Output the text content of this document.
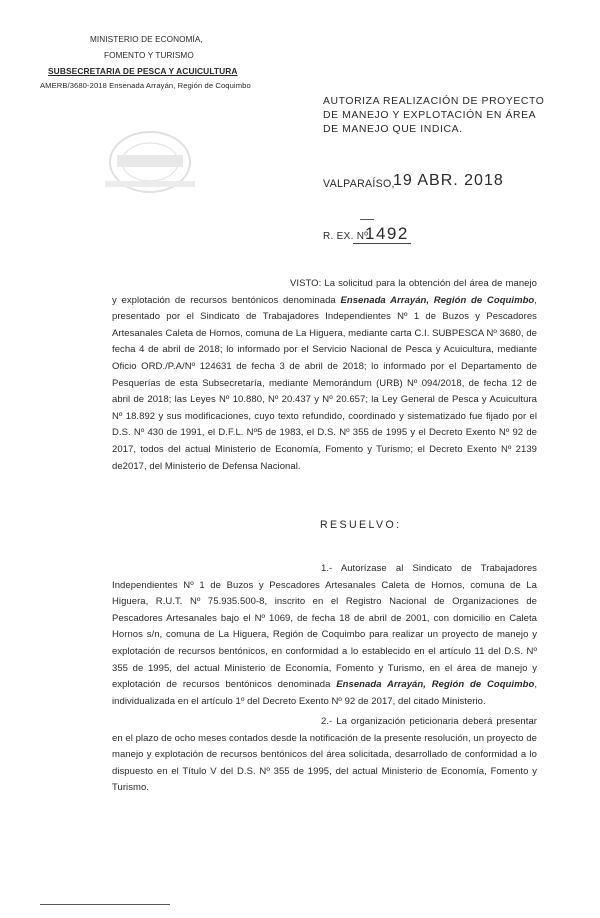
MINISTERIO DE ECONOMÍA,
FOMENTO Y TURISMO
SUBSECRETARIA DE PESCA Y ACUICULTURA
AMERB/3680-2018 Ensenada Arrayán, Región de Coquimbo
AUTORIZA REALIZACIÓN DE PROYECTO DE MANEJO Y EXPLOTACIÓN EN ÁREA DE MANEJO QUE INDICA.
VALPARAÍSO,
19 ABR. 2018
R. EX. Nº
1492
VISTO: La solicitud para la obtención del área de manejo y explotación de recursos bentónicos denominada Ensenada Arrayán, Región de Coquimbo, presentado por el Sindicato de Trabajadores Independientes Nº 1 de Buzos y Pescadores Artesanales Caleta de Hornos, comuna de La Higuera, mediante carta C.I. SUBPESCA Nº 3680, de fecha 4 de abril de 2018; lo informado por el Servicio Nacional de Pesca y Acuicultura, mediante Oficio ORD./P.A/Nº 124631 de fecha 3 de abril de 2018; lo informado por el Departamento de Pesquerías de esta Subsecretaría, mediante Memorándum (URB) Nº 094/2018, de fecha 12 de abril de 2018; las Leyes Nº 10.880, Nº 20.437 y Nº 20.657; la Ley General de Pesca y Acuicultura Nº 18.892 y sus modificaciones, cuyo texto refundido, coordinado y sistematizado fue fijado por el D.S. Nº 430 de 1991, el D.F.L. Nº5 de 1983, el D.S. Nº 355 de 1995 y el Decreto Exento Nº 92 de 2017, todos del actual Ministerio de Economía, Fomento y Turismo; el Decreto Exento Nº 2139 de2017, del Ministerio de Defensa Nacional.
RESUELVO:
1.- Autorízase al Sindicato de Trabajadores Independientes Nº 1 de Buzos y Pescadores Artesanales Caleta de Hornos, comuna de La Higuera, R.U.T. Nº 75.935.500-8, inscrito en el Registro Nacional de Organizaciones de Pescadores Artesanales bajo el Nº 1069, de fecha 18 de abril de 2001, con domicilio en Caleta Hornos s/n, comuna de La Higuera, Región de Coquimbo para realizar un proyecto de manejo y explotación de recursos bentónicos, en conformidad a lo establecido en el artículo 11 del D.S. Nº 355 de 1995, del actual Ministerio de Economía, Fomento y Turismo, en el área de manejo y explotación de recursos bentónicos denominada Ensenada Arrayán, Región de Coquimbo, individualizada en el artículo 1º del Decreto Exento Nº 92 de 2017, del citado Ministerio.
2.- La organización peticionaria deberá presentar en el plazo de ocho meses contados desde la notificación de la presente resolución, un proyecto de manejo y explotación de recursos bentónicos del área solicitada, desarrollado de conformidad a lo dispuesto en el Título V del D.S. Nº 355 de 1995, del actual Ministerio de Economía, Fomento y Turismo.
